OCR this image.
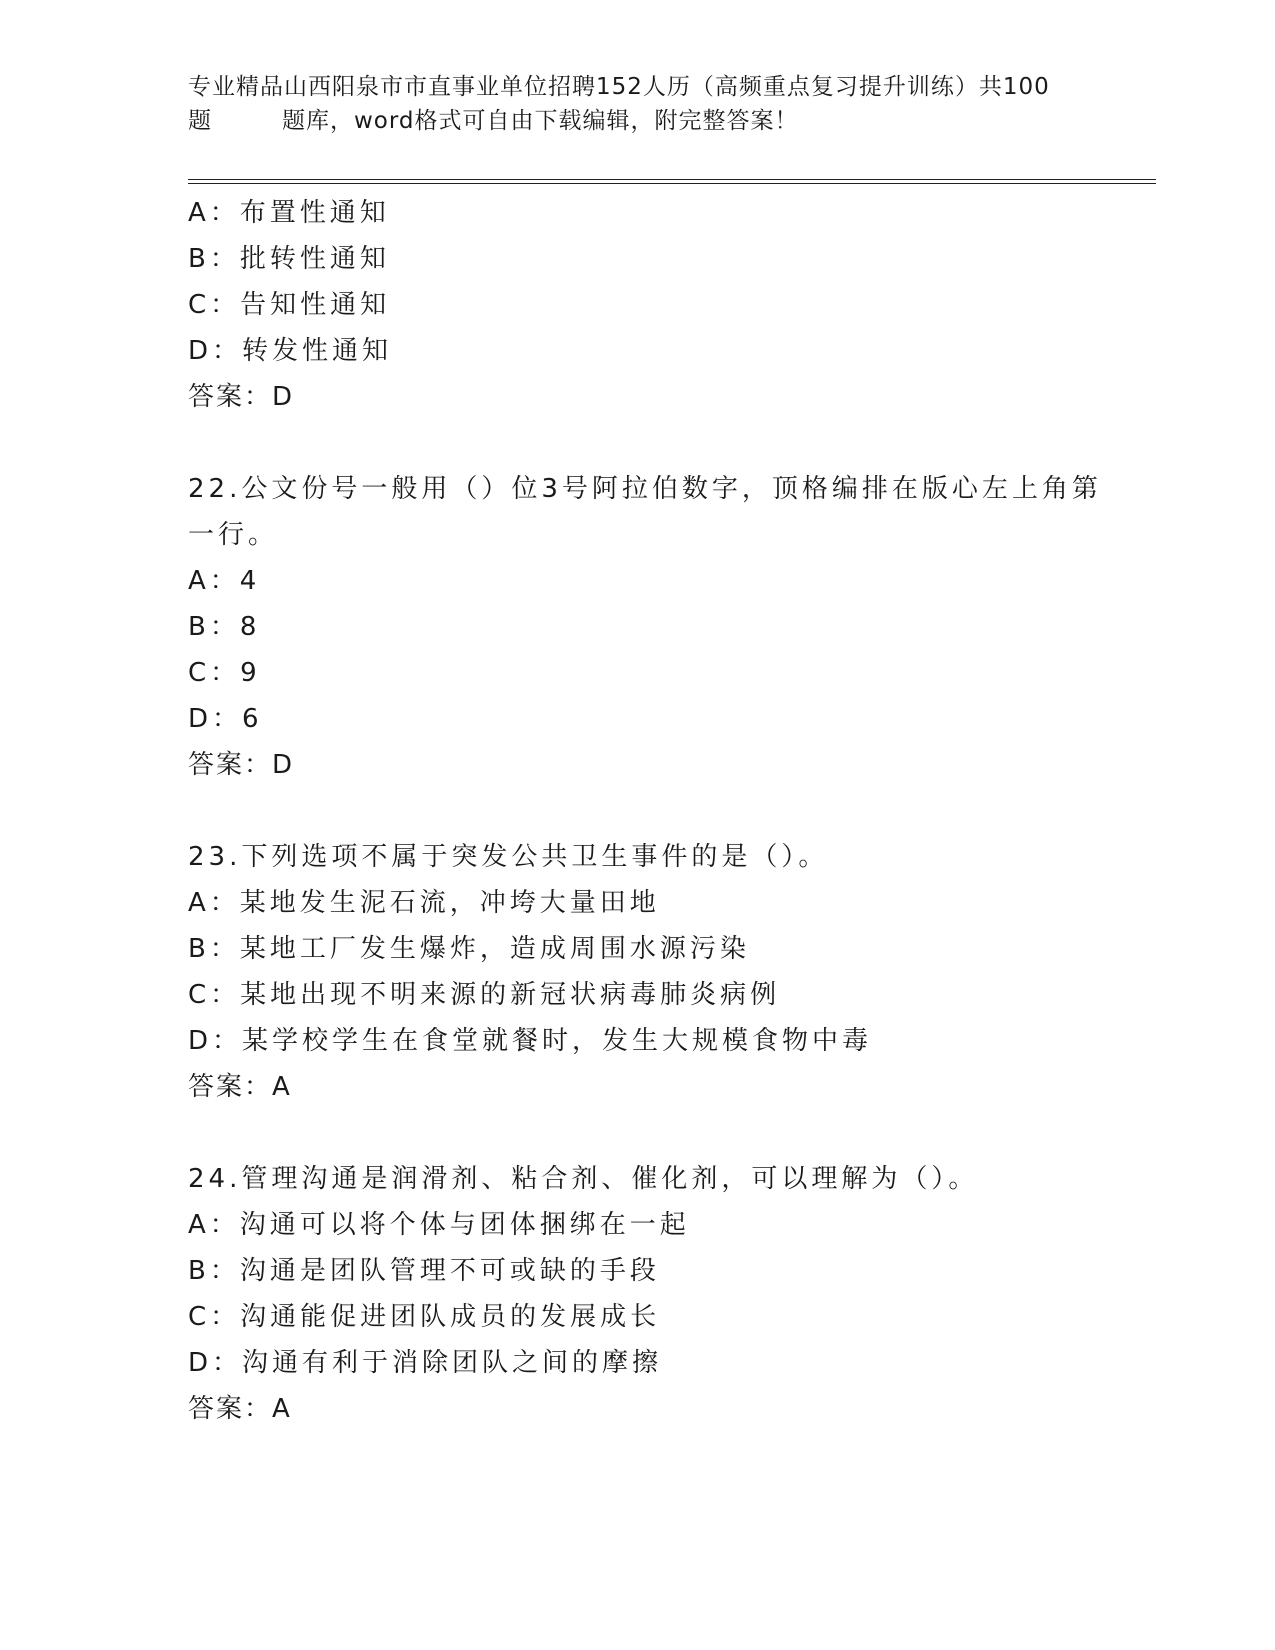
专业精品山西阳泉市市直事业单位招聘152人历（高频重点复习提升训练）共100
题	题库，word格式可自由下载编辑，附完整答案！
A：布置性通知
B：批转性通知
C：告知性通知
D：转发性通知
答案：D
22.公文份号一般用（）位3号阿拉伯数字，顶格编排在版心左上角第
一行。
A：4
B：8
C：9
D：6
答案：D
23.下列选项不属于突发公共卫生事件的是（）。
A：某地发生泥石流，冲垮大量田地
B：某地工厂发生爆炸，造成周围水源污染
C：某地出现不明来源的新冠状病毒肺炎病例
D：某学校学生在食堂就餐时，发生大规模食物中毒
答案：A
24.管理沟通是润滑剂、粘合剂、催化剂，可以理解为（）。
A：沟通可以将个体与团体捆绑在一起
B：沟通是团队管理不可或缺的手段
C：沟通能促进团队成员的发展成长
D：沟通有利于消除团队之间的摩擦
答案：A
